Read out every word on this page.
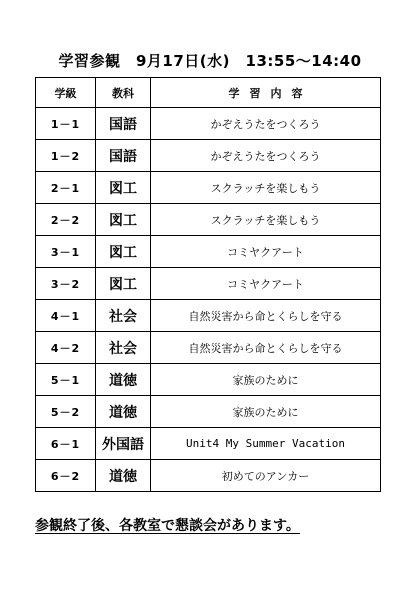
学習参観　9月17日(水)　13:55～14:40
学級	教科	学習内容
1－1	国語	かぞえうたをつくろう
1－2	国語	かぞえうたをつくろう
2－1	図工	スクラッチを楽しもう
2－2	図工	スクラッチを楽しもう
3－1	図工	コミヤクアート
3－2	図工	コミヤクアート
4－1	社会	自然災害から命とくらしを守る
4－2	社会	自然災害から命とくらしを守る
5－1	道徳	家族のために
5－2	道徳	家族のために
6－1	外国語	Unit4 My Summer Vacation
6－2	道徳	初めてのアンカー
参観終了後、各教室で懇談会があります。
